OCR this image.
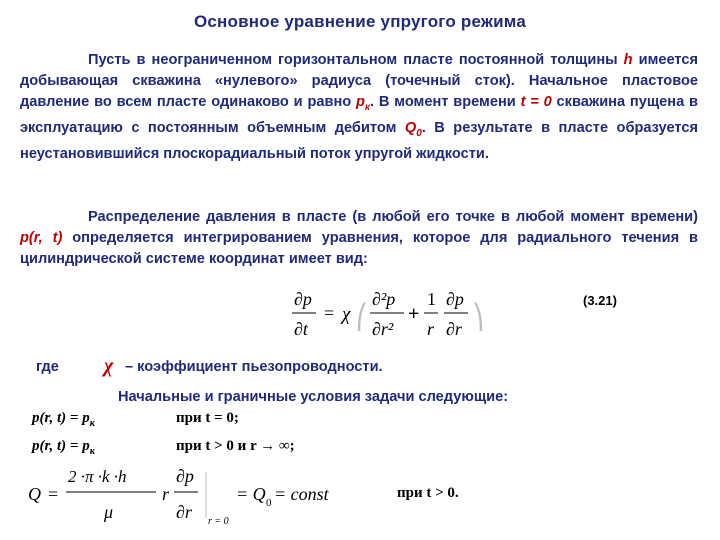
Основное уравнение упругого режима
Пусть в неограниченном горизонтальном пласте постоянной толщины h имеется добывающая скважина «нулевого» радиуса (точечный сток). Начальное пластовое давление во всем пласте одинаково и равно $p_к$. В момент времени t = 0 скважина пущена в эксплуатацию с постоянным объемным дебитом $Q_0$. В результате в пласте образуется неустановившийся плоскорадиальный поток упругой жидкости.
Распределение давления в пласте (в любой его точке в любой момент времени) p(r, t) определяется интегрированием уравнения, которое для радиального течения в цилиндрической системе координат имеет вид:
∂p
∂t
= χ ⎛
∂²p
∂r²
+
1
r
∂p
∂r ⎞
(3.21)
где χ – коэффициент пьезопроводности.
Начальные и граничные условия задачи следующие:
p(r, $t) = p_к$	при t = 0;
p(r, $t) = p_к$	при t > 0 и r → ∞;
Q =
2 ·π ·k ·h
μ
r
∂p
∂r r = 0
= Q 0 = const	при t > 0.
